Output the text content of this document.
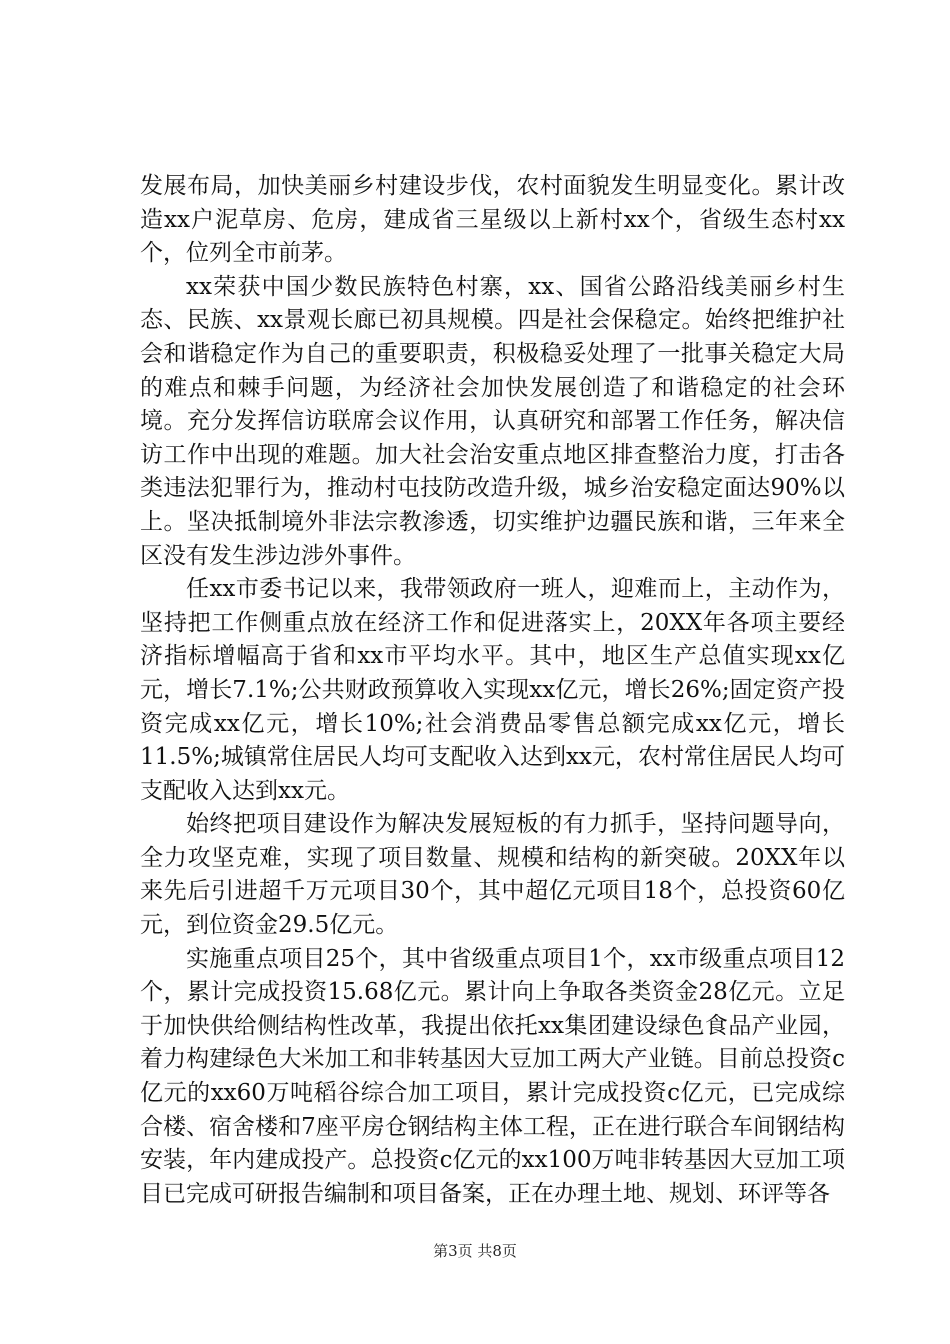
发展布局，加快美丽乡村建设步伐，农村面貌发生明显变化。累计改造xx户泥草房、危房，建成省三星级以上新村xx个，省级生态村xx个，位列全市前茅。

xx荣获中国少数民族特色村寨，xx、国省公路沿线美丽乡村生态、民族、xx景观长廊已初具规模。四是社会保稳定。始终把维护社会和谐稳定作为自己的重要职责，积极稳妥处理了一批事关稳定大局的难点和棘手问题，为经济社会加快发展创造了和谐稳定的社会环境。充分发挥信访联席会议作用，认真研究和部署工作任务，解决信访工作中出现的难题。加大社会治安重点地区排查整治力度，打击各类违法犯罪行为，推动村屯技防改造升级，城乡治安稳定面达90%以上。坚决抵制境外非法宗教渗透，切实维护边疆民族和谐，三年来全区没有发生涉边涉外事件。

任xx市委书记以来，我带领政府一班人，迎难而上，主动作为，坚持把工作侧重点放在经济工作和促进落实上，20XX年各项主要经济指标增幅高于省和xx市平均水平。其中，地区生产总值实现xx亿元，增长7.1%;公共财政预算收入实现xx亿元，增长26%;固定资产投资完成xx亿元，增长10%;社会消费品零售总额完成xx亿元，增长11.5%;城镇常住居民人均可支配收入达到xx元，农村常住居民人均可支配收入达到xx元。

始终把项目建设作为解决发展短板的有力抓手，坚持问题导向，全力攻坚克难，实现了项目数量、规模和结构的新突破。20XX年以来先后引进超千万元项目30个，其中超亿元项目18个，总投资60亿元，到位资金29.5亿元。

实施重点项目25个，其中省级重点项目1个，xx市级重点项目12个，累计完成投资15.68亿元。累计向上争取各类资金28亿元。立足于加快供给侧结构性改革，我提出依托xx集团建设绿色食品产业园，着力构建绿色大米加工和非转基因大豆加工两大产业链。目前总投资c亿元的xx60万吨稻谷综合加工项目，累计完成投资c亿元，已完成综合楼、宿舍楼和7座平房仓钢结构主体工程，正在进行联合车间钢结构安装，年内建成投产。总投资c亿元的xx100万吨非转基因大豆加工项目已完成可研报告编制和项目备案，正在办理土地、规划、环评等各

第3页 共8页
